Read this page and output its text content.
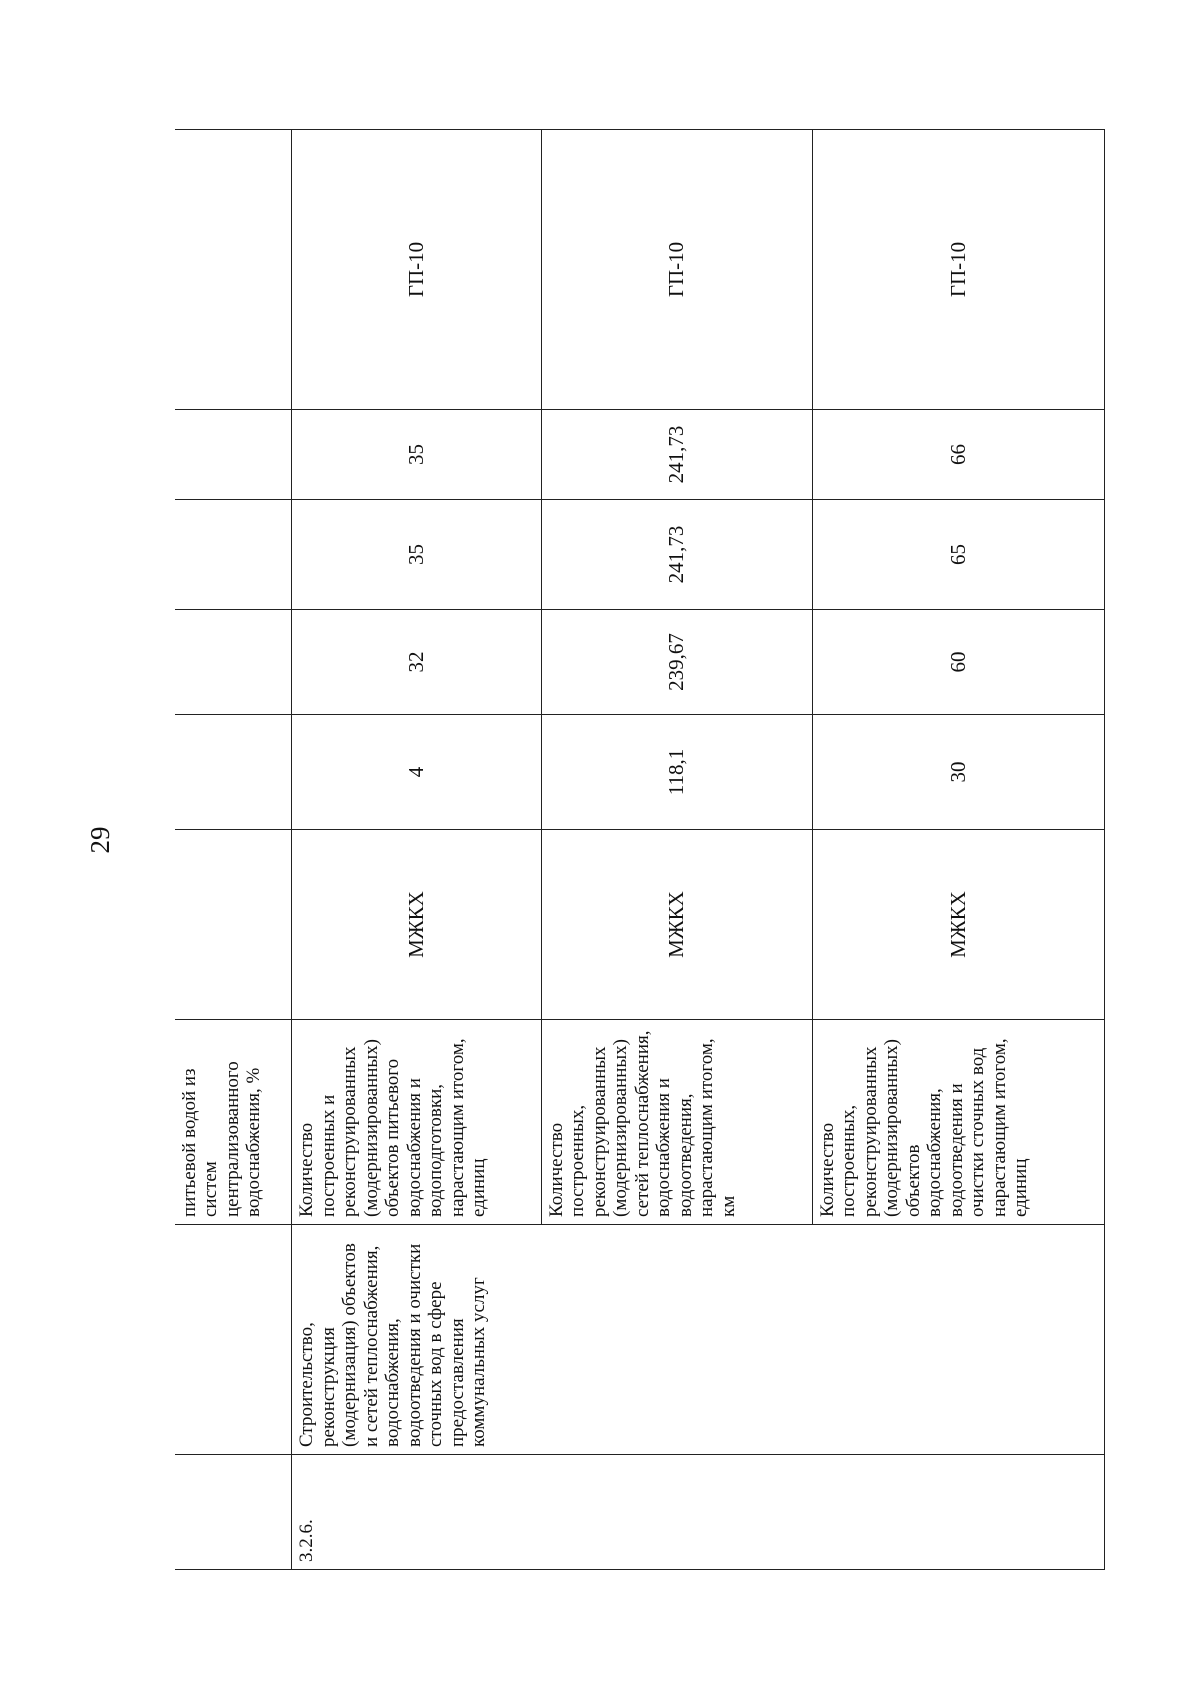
29
		питьевой водой из систем централизованного водоснабжения, %						
3.2.6.	Строительство, реконструкция (модернизация) объектов и сетей теплоснабжения, водоснабжения, водоотведения и очистки сточных вод в сфере предоставления коммунальных услуг	Количество построенных и реконструированных (модернизированных) объектов питьевого водоснабжения и водоподготовки, нарастающим итогом, единиц	МЖКХ	4	32	35	35	ГП-10
		Количество построенных, реконструированных (модернизированных) сетей теплоснабжения, водоснабжения и водоотведения, нарастающим итогом, км	МЖКХ	118,1	239,67	241,73	241,73	ГП-10
		Количество построенных, реконструированных (модернизированных) объектов водоснабжения, водоотведения и очистки сточных вод нарастающим итогом, единиц	МЖКХ	30	60	65	66	ГП-10
